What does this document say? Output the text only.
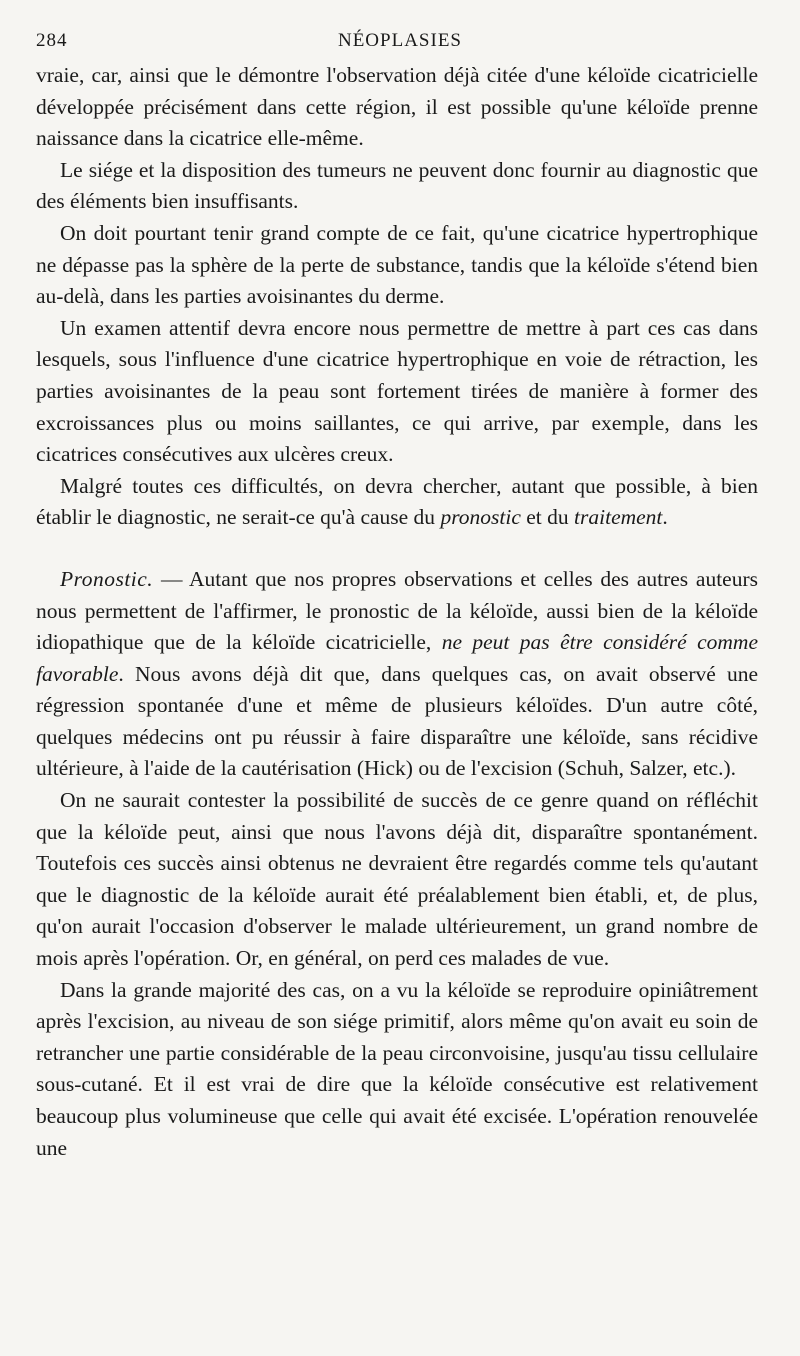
284	NÉOPLASIES

vraie, car, ainsi que le démontre l'observation déjà citée d'une kéloïde cicatricielle développée précisément dans cette région, il est possible qu'une kéloïde prenne naissance dans la cicatrice elle-même.

Le siége et la disposition des tumeurs ne peuvent donc fournir au diagnostic que des éléments bien insuffisants.

On doit pourtant tenir grand compte de ce fait, qu'une cicatrice hypertrophique ne dépasse pas la sphère de la perte de substance, tandis que la kéloïde s'étend bien au-delà, dans les parties avoisinantes du derme.

Un examen attentif devra encore nous permettre de mettre à part ces cas dans lesquels, sous l'influence d'une cicatrice hypertrophique en voie de rétraction, les parties avoisinantes de la peau sont fortement tirées de manière à former des excroissances plus ou moins saillantes, ce qui arrive, par exemple, dans les cicatrices consécutives aux ulcères creux.

Malgré toutes ces difficultés, on devra chercher, autant que possible, à bien établir le diagnostic, ne serait-ce qu'à cause du pronostic et du traitement.

Pronostic. — Autant que nos propres observations et celles des autres auteurs nous permettent de l'affirmer, le pronostic de la kéloïde, aussi bien de la kéloïde idiopathique que de la kéloïde cicatricielle, ne peut pas être considéré comme favorable. Nous avons déjà dit que, dans quelques cas, on avait observé une régression spontanée d'une et même de plusieurs kéloïdes. D'un autre côté, quelques médecins ont pu réussir à faire disparaître une kéloïde, sans récidive ultérieure, à l'aide de la cautérisation (Hick) ou de l'excision (Schuh, Salzer, etc.).

On ne saurait contester la possibilité de succès de ce genre quand on réfléchit que la kéloïde peut, ainsi que nous l'avons déjà dit, disparaître spontanément. Toutefois ces succès ainsi obtenus ne devraient être regardés comme tels qu'autant que le diagnostic de la kéloïde aurait été préalablement bien établi, et, de plus, qu'on aurait l'occasion d'observer le malade ultérieurement, un grand nombre de mois après l'opération. Or, en général, on perd ces malades de vue.

Dans la grande majorité des cas, on a vu la kéloïde se reproduire opiniâtrement après l'excision, au niveau de son siége primitif, alors même qu'on avait eu soin de retrancher une partie considérable de la peau circonvoisine, jusqu'au tissu cellulaire sous-cutané. Et il est vrai de dire que la kéloïde consécutive est relativement beaucoup plus volumineuse que celle qui avait été excisée. L'opération renouvelée une
